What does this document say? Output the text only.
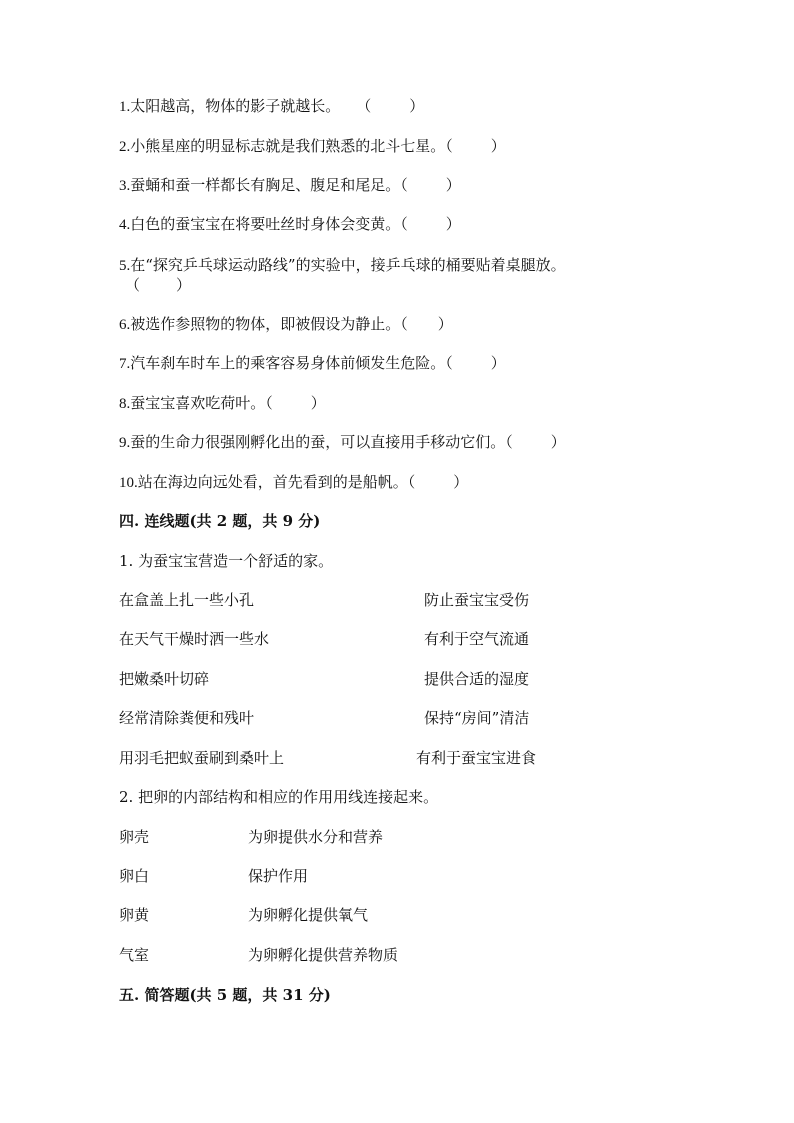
1.太阳越高，物体的影子就越长。 （	）
2.小熊星座的明显标志就是我们熟悉的北斗七星。（	）
3.蚕蛹和蚕一样都长有胸足、腹足和尾足。（	）
4.白色的蚕宝宝在将要吐丝时身体会变黄。（	）
5.在“探究乒乓球运动路线”的实验中，接乒乓球的桶要贴着桌腿放。
（ ）
6.被选作参照物的物体，即被假设为静止。（ ）
7.汽车刹车时车上的乘客容易身体前倾发生危险。（	）
8.蚕宝宝喜欢吃荷叶。（	）
9.蚕的生命力很强刚孵化出的蚕，可以直接用手移动它们。（	）
10.站在海边向远处看，首先看到的是船帆。（	）
四. 连线题(共 2 题，共 9 分)
1. 为蚕宝宝营造一个舒适的家。
在盒盖上扎一些小孔	防止蚕宝宝受伤
在天气干燥时洒一些水	有利于空气流通
把嫩桑叶切碎	提供合适的湿度
经常清除粪便和残叶	保持“房间”清洁
用羽毛把蚁蚕刷到桑叶上	有利于蚕宝宝进食
2. 把卵的内部结构和相应的作用用线连接起来。
卵壳	为卵提供水分和营养
卵白	保护作用
卵黄	为卵孵化提供氧气
气室	为卵孵化提供营养物质
五. 简答题(共 5 题，共 31 分)
